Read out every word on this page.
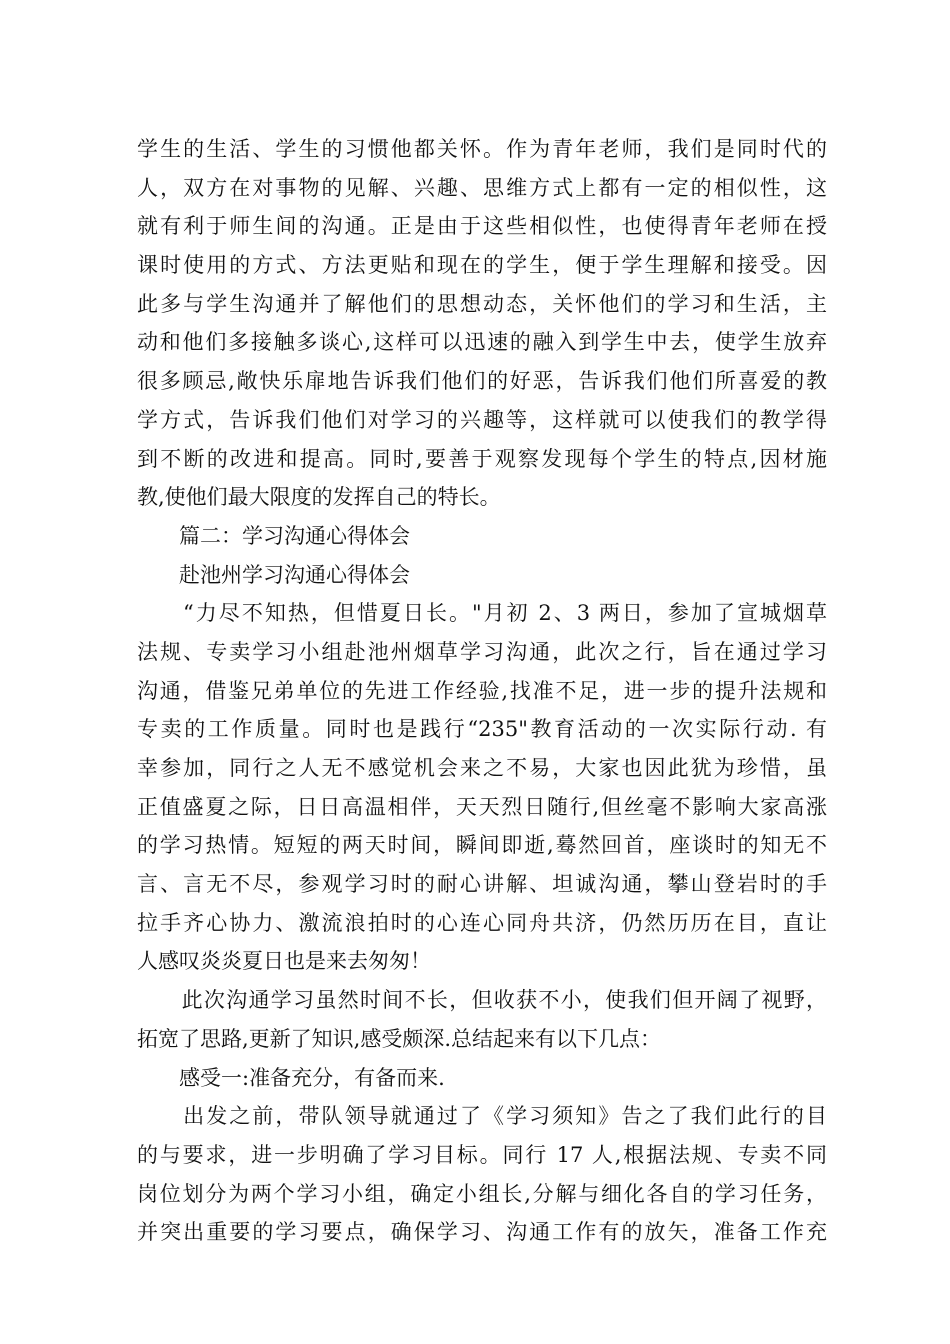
学生的生活、学生的习惯他都关怀。作为青年老师，我们是同时代的
人，双方在对事物的见解、兴趣、思维方式上都有一定的相似性，这
就有利于师生间的沟通。正是由于这些相似性，也使得青年老师在授
课时使用的方式、方法更贴和现在的学生，便于学生理解和接受。因
此多与学生沟通并了解他们的思想动态，关怀他们的学习和生活，主
动和他们多接触多谈心,这样可以迅速的融入到学生中去，使学生放弃
很多顾忌,敞快乐扉地告诉我们他们的好恶，告诉我们他们所喜爱的教
学方式，告诉我们他们对学习的兴趣等，这样就可以使我们的教学得
到不断的改进和提高。同时,要善于观察发现每个学生的特点,因材施
教,使他们最大限度的发挥自己的特长。
　　篇二：学习沟通心得体会
　　赴池州学习沟通心得体会
　　“力尽不知热，但惜夏日长。"月初 2、3 两日，参加了宣城烟草
法规、专卖学习小组赴池州烟草学习沟通，此次之行，旨在通过学习
沟通，借鉴兄弟单位的先进工作经验,找准不足，进一步的提升法规和
专卖的工作质量。同时也是践行“235"教育活动的一次实际行动. 有
幸参加，同行之人无不感觉机会来之不易，大家也因此犹为珍惜，虽
正值盛夏之际，日日高温相伴，天天烈日随行,但丝毫不影响大家高涨
的学习热情。短短的两天时间，瞬间即逝,蓦然回首，座谈时的知无不
言、言无不尽，参观学习时的耐心讲解、坦诚沟通，攀山登岩时的手
拉手齐心协力、激流浪拍时的心连心同舟共济，仍然历历在目，直让
人感叹炎炎夏日也是来去匆匆！
　　此次沟通学习虽然时间不长，但收获不小，使我们但开阔了视野，
拓宽了思路,更新了知识,感受颇深.总结起来有以下几点：
　　感受一:准备充分，有备而来.
　　出发之前，带队领导就通过了《学习须知》告之了我们此行的目
的与要求，进一步明确了学习目标。同行 17 人,根据法规、专卖不同
岗位划分为两个学习小组，确定小组长,分解与细化各自的学习任务，
并突出重要的学习要点，确保学习、沟通工作有的放矢，准备工作充
